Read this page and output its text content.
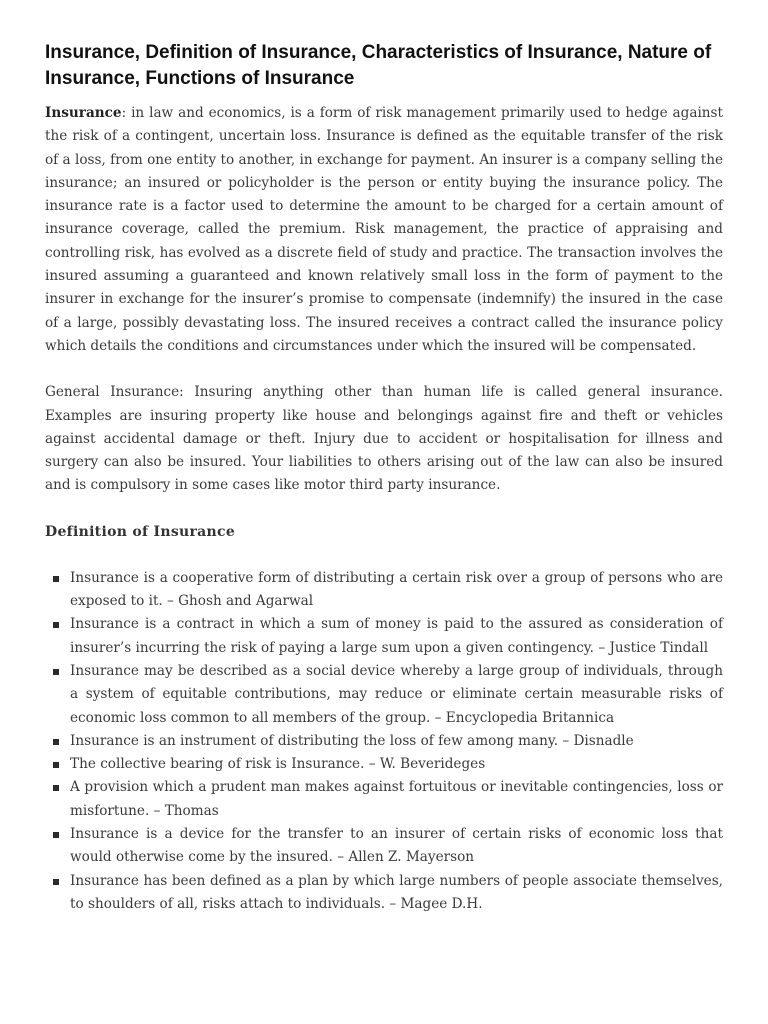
Insurance, Definition of Insurance, Characteristics of Insurance, Nature of Insurance, Functions of Insurance

Insurance: in law and economics, is a form of risk management primarily used to hedge against the risk of a contingent, uncertain loss. Insurance is defined as the equitable transfer of the risk of a loss, from one entity to another, in exchange for payment. An insurer is a company selling the insurance; an insured or policyholder is the person or entity buying the insurance policy. The insurance rate is a factor used to determine the amount to be charged for a certain amount of insurance coverage, called the premium. Risk management, the practice of appraising and controlling risk, has evolved as a discrete field of study and practice. The transaction involves the insured assuming a guaranteed and known relatively small loss in the form of payment to the insurer in exchange for the insurer’s promise to compensate (indemnify) the insured in the case of a large, possibly devastating loss. The insured receives a contract called the insurance policy which details the conditions and circumstances under which the insured will be compensated.

General Insurance: Insuring anything other than human life is called general insurance. Examples are insuring property like house and belongings against fire and theft or vehicles against accidental damage or theft. Injury due to accident or hospitalisation for illness and surgery can also be insured. Your liabilities to others arising out of the law can also be insured and is compulsory in some cases like motor third party insurance.

Definition of Insurance
Insurance is a cooperative form of distributing a certain risk over a group of persons who are exposed to it. – Ghosh and Agarwal
Insurance is a contract in which a sum of money is paid to the assured as consideration of insurer’s incurring the risk of paying a large sum upon a given contingency. – Justice Tindall
Insurance may be described as a social device whereby a large group of individuals, through a system of equitable contributions, may reduce or eliminate certain measurable risks of economic loss common to all members of the group. – Encyclopedia Britannica
Insurance is an instrument of distributing the loss of few among many. – Disnadle
The collective bearing of risk is Insurance. – W. Beverideges
A provision which a prudent man makes against fortuitous or inevitable contingencies, loss or misfortune. – Thomas
Insurance is a device for the transfer to an insurer of certain risks of economic loss that would otherwise come by the insured. – Allen Z. Mayerson
Insurance has been defined as a plan by which large numbers of people associate themselves, to shoulders of all, risks attach to individuals. – Magee D.H.
